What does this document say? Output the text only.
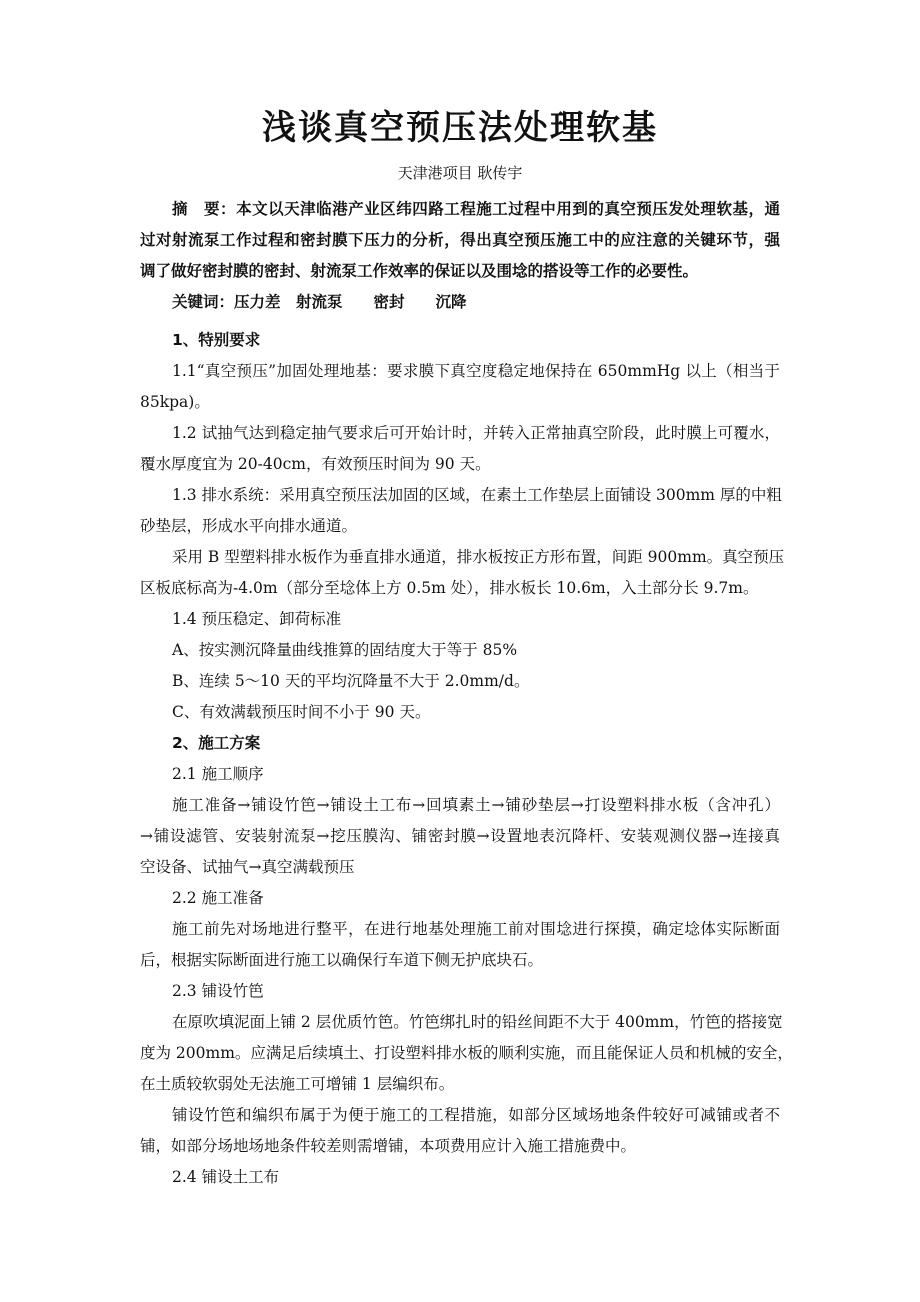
浅谈真空预压法处理软基
天津港项目 耿传宇
摘　要：本文以天津临港产业区纬四路工程施工过程中用到的真空预压发处理软基，通
过对射流泵工作过程和密封膜下压力的分析，得出真空预压施工中的应注意的关键环节，强
调了做好密封膜的密封、射流泵工作效率的保证以及围埝的搭设等工作的必要性。
关键词：压力差　射流泵　　密封　　沉降
1、特别要求
1.1“真空预压”加固处理地基：要求膜下真空度稳定地保持在 650mmHg 以上（相当于
85kpa)。
1.2 试抽气达到稳定抽气要求后可开始计时，并转入正常抽真空阶段，此时膜上可覆水，
覆水厚度宜为 20-40cm，有效预压时间为 90 天。
1.3 排水系统：采用真空预压法加固的区域，在素土工作垫层上面铺设 300mm 厚的中粗
砂垫层，形成水平向排水通道。
采用 B 型塑料排水板作为垂直排水通道，排水板按正方形布置，间距 900mm。真空预压
区板底标高为-4.0m（部分至埝体上方 0.5m 处），排水板长 10.6m，入土部分长 9.7m。
1.4 预压稳定、卸荷标准
A、按实测沉降量曲线推算的固结度大于等于 85%
B、连续 5～10 天的平均沉降量不大于 2.0mm/d。
C、有效满载预压时间不小于 90 天。
2、施工方案
2.1 施工顺序
施工准备→铺设竹笆→铺设土工布→回填素土→铺砂垫层→打设塑料排水板（含冲孔）
→铺设滤管、安装射流泵→挖压膜沟、铺密封膜→设置地表沉降杆、安装观测仪器→连接真
空设备、试抽气→真空满载预压
2.2 施工准备
施工前先对场地进行整平，在进行地基处理施工前对围埝进行探摸，确定埝体实际断面
后，根据实际断面进行施工以确保行车道下侧无护底块石。
2.3 铺设竹笆
在原吹填泥面上铺 2 层优质竹笆。竹笆绑扎时的铅丝间距不大于 400mm，竹笆的搭接宽
度为 200mm。应满足后续填土、打设塑料排水板的顺利实施，而且能保证人员和机械的安全，
在土质较软弱处无法施工可增铺 1 层编织布。
铺设竹笆和编织布属于为便于施工的工程措施，如部分区域场地条件较好可减铺或者不
铺，如部分场地场地条件较差则需增铺，本项费用应计入施工措施费中。
2.4 铺设土工布
